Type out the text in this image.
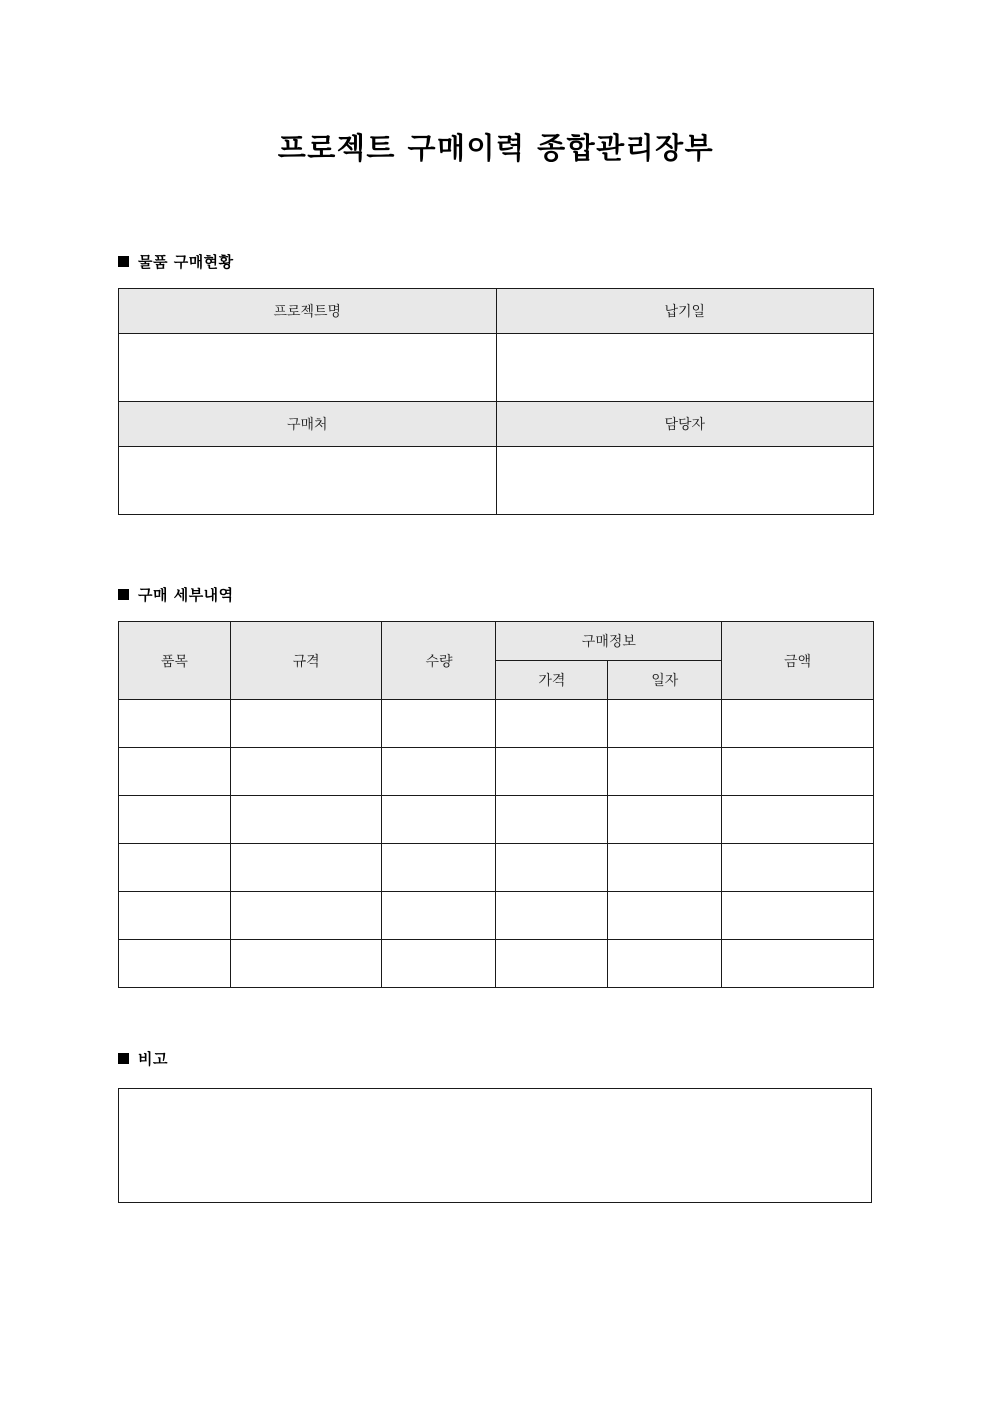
프로젝트 구매이력 종합관리장부
물품 구매현황
프로젝트명	납기일

구매처	담당자

구매 세부내역
품목	규격	수량	구매정보		금액
			가격	일자	

비고
